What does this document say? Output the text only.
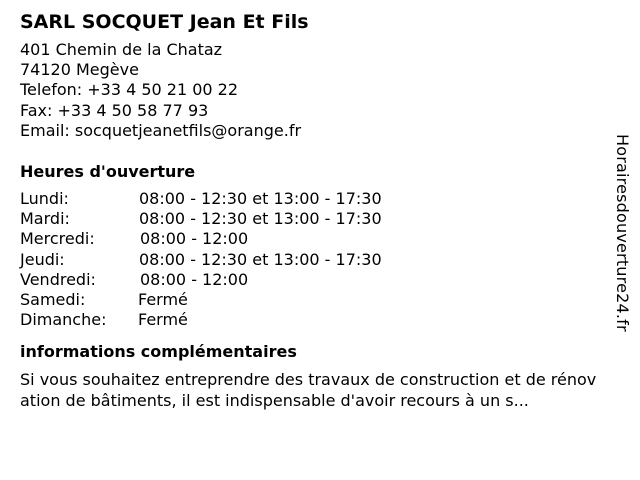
SARL SOCQUET Jean Et Fils
401 Chemin de la Chataz
74120 Megève
Telefon: +33 4 50 21 00 22
Fax: +33 4 50 58 77 93
Email: socquetjeanetfils@orange.fr
Heures d'ouverture
Lundi:	08:00 - 12:30 et 13:00 - 17:30
Mardi:	08:00 - 12:30 et 13:00 - 17:30
Mercredi:	08:00 - 12:00
Jeudi:	08:00 - 12:30 et 13:00 - 17:30
Vendredi:	08:00 - 12:00
Samedi:	Fermé
Dimanche: Fermé
informations complémentaires
Si vous souhaitez entreprendre des travaux de construction et de rénovation de bâtiments, il est indispensable d'avoir recours à un s...
Horairesdouverture24.fr
